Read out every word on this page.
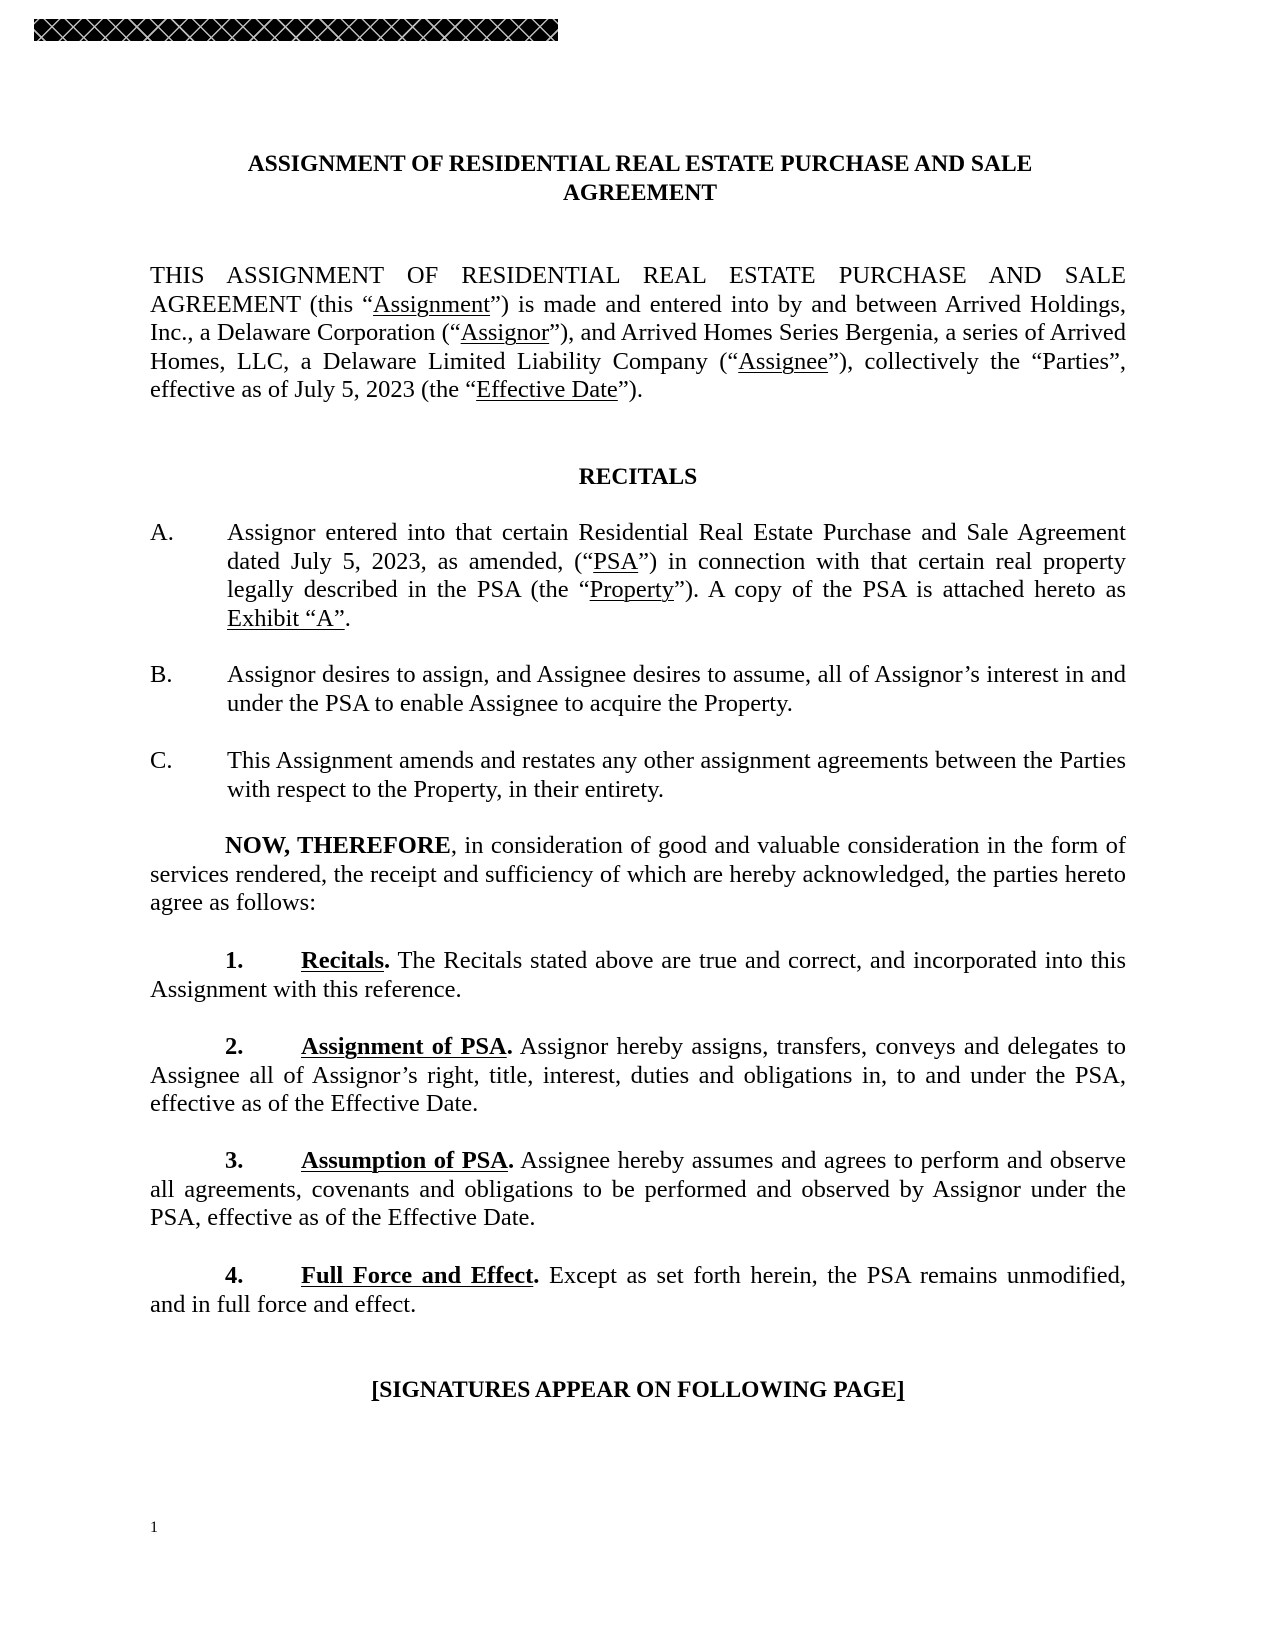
ASSIGNMENT OF RESIDENTIAL REAL ESTATE PURCHASE AND SALE
AGREEMENT
THIS ASSIGNMENT OF RESIDENTIAL REAL ESTATE PURCHASE AND SALE AGREEMENT (this “Assignment”) is made and entered into by and between Arrived Holdings, Inc., a Delaware Corporation (“Assignor”), and Arrived Homes Series Bergenia, a series of Arrived Homes, LLC, a Delaware Limited Liability Company (“Assignee”), collectively the “Parties”, effective as of July 5, 2023 (the “Effective Date”).
RECITALS
A. Assignor entered into that certain Residential Real Estate Purchase and Sale Agreement dated July 5, 2023, as amended, (“PSA”) in connection with that certain real property legally described in the PSA (the “Property”). A copy of the PSA is attached hereto as Exhibit “A”.
B. Assignor desires to assign, and Assignee desires to assume, all of Assignor’s interest in and under the PSA to enable Assignee to acquire the Property.
C. This Assignment amends and restates any other assignment agreements between the Parties with respect to the Property, in their entirety.
NOW, THEREFORE, in consideration of good and valuable consideration in the form of services rendered, the receipt and sufficiency of which are hereby acknowledged, the parties hereto agree as follows:
1. Recitals. The Recitals stated above are true and correct, and incorporated into this Assignment with this reference.
2. Assignment of PSA. Assignor hereby assigns, transfers, conveys and delegates to Assignee all of Assignor’s right, title, interest, duties and obligations in, to and under the PSA, effective as of the Effective Date.
3. Assumption of PSA. Assignee hereby assumes and agrees to perform and observe all agreements, covenants and obligations to be performed and observed by Assignor under the PSA, effective as of the Effective Date.
4. Full Force and Effect. Except as set forth herein, the PSA remains unmodified, and in full force and effect.
[SIGNATURES APPEAR ON FOLLOWING PAGE]
1
